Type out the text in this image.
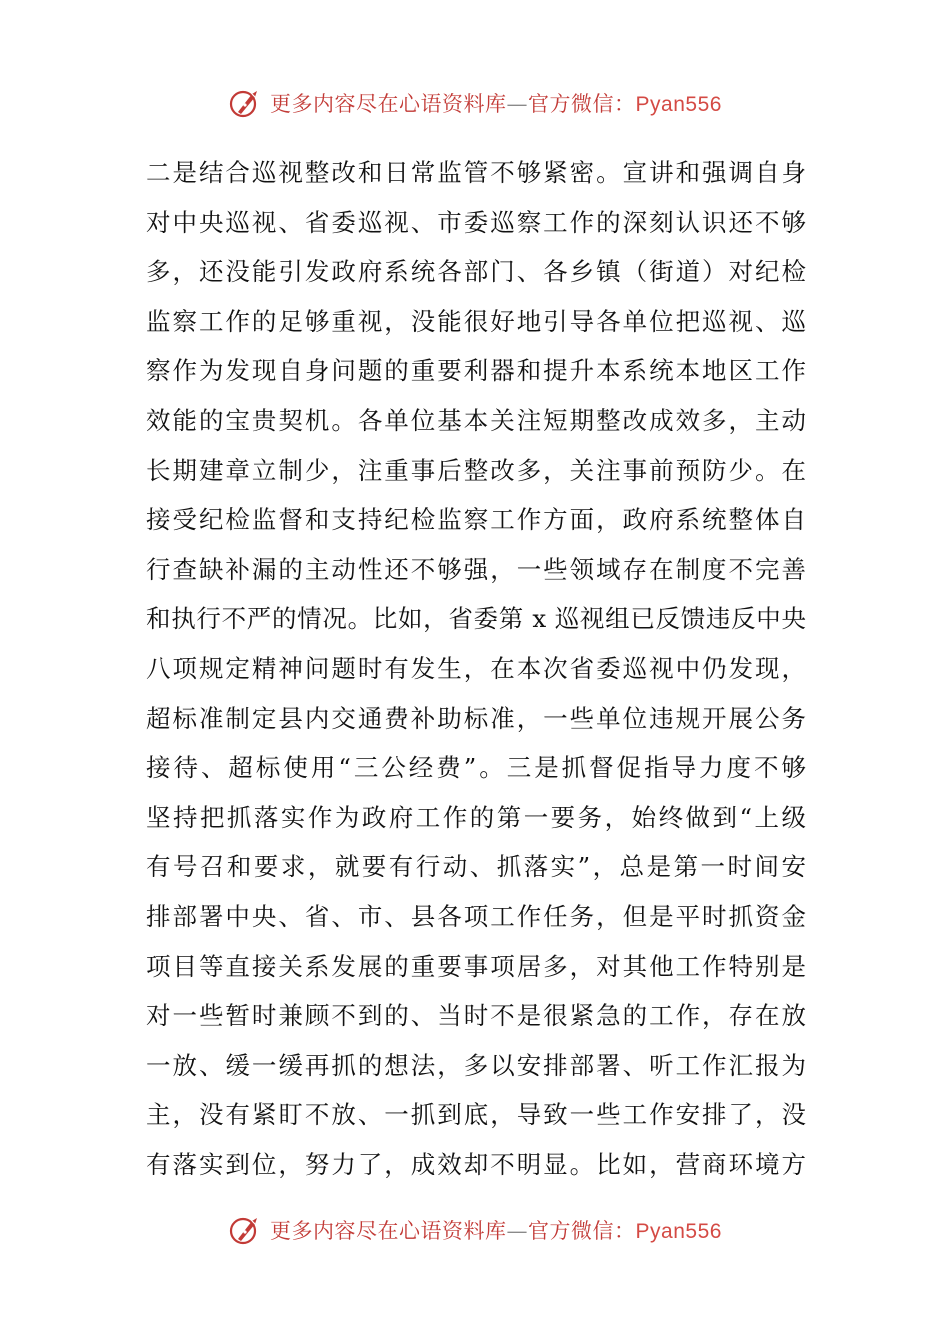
更多内容尽在心语资料库—官方微信：Pyan556
二是结合巡视整改和日常监管不够紧密。宣讲和强调自身
对中央巡视、省委巡视、市委巡察工作的深刻认识还不够
多，还没能引发政府系统各部门、各乡镇（街道）对纪检
监察工作的足够重视，没能很好地引导各单位把巡视、巡
察作为发现自身问题的重要利器和提升本系统本地区工作
效能的宝贵契机。各单位基本关注短期整改成效多，主动
长期建章立制少，注重事后整改多，关注事前预防少。在
接受纪检监督和支持纪检监察工作方面，政府系统整体自
行查缺补漏的主动性还不够强，一些领域存在制度不完善
和执行不严的情况。比如，省委第 x 巡视组已反馈违反中央
八项规定精神问题时有发生，在本次省委巡视中仍发现，
超标准制定县内交通费补助标准，一些单位违规开展公务
接待、超标使用“三公经费”。三是抓督促指导力度不够
坚持把抓落实作为政府工作的第一要务，始终做到“上级
有号召和要求，就要有行动、抓落实”，总是第一时间安
排部署中央、省、市、县各项工作任务，但是平时抓资金
项目等直接关系发展的重要事项居多，对其他工作特别是
对一些暂时兼顾不到的、当时不是很紧急的工作，存在放
一放、缓一缓再抓的想法，多以安排部署、听工作汇报为
主，没有紧盯不放、一抓到底，导致一些工作安排了，没
有落实到位，努力了，成效却不明显。比如，营商环境方
更多内容尽在心语资料库—官方微信：Pyan556
